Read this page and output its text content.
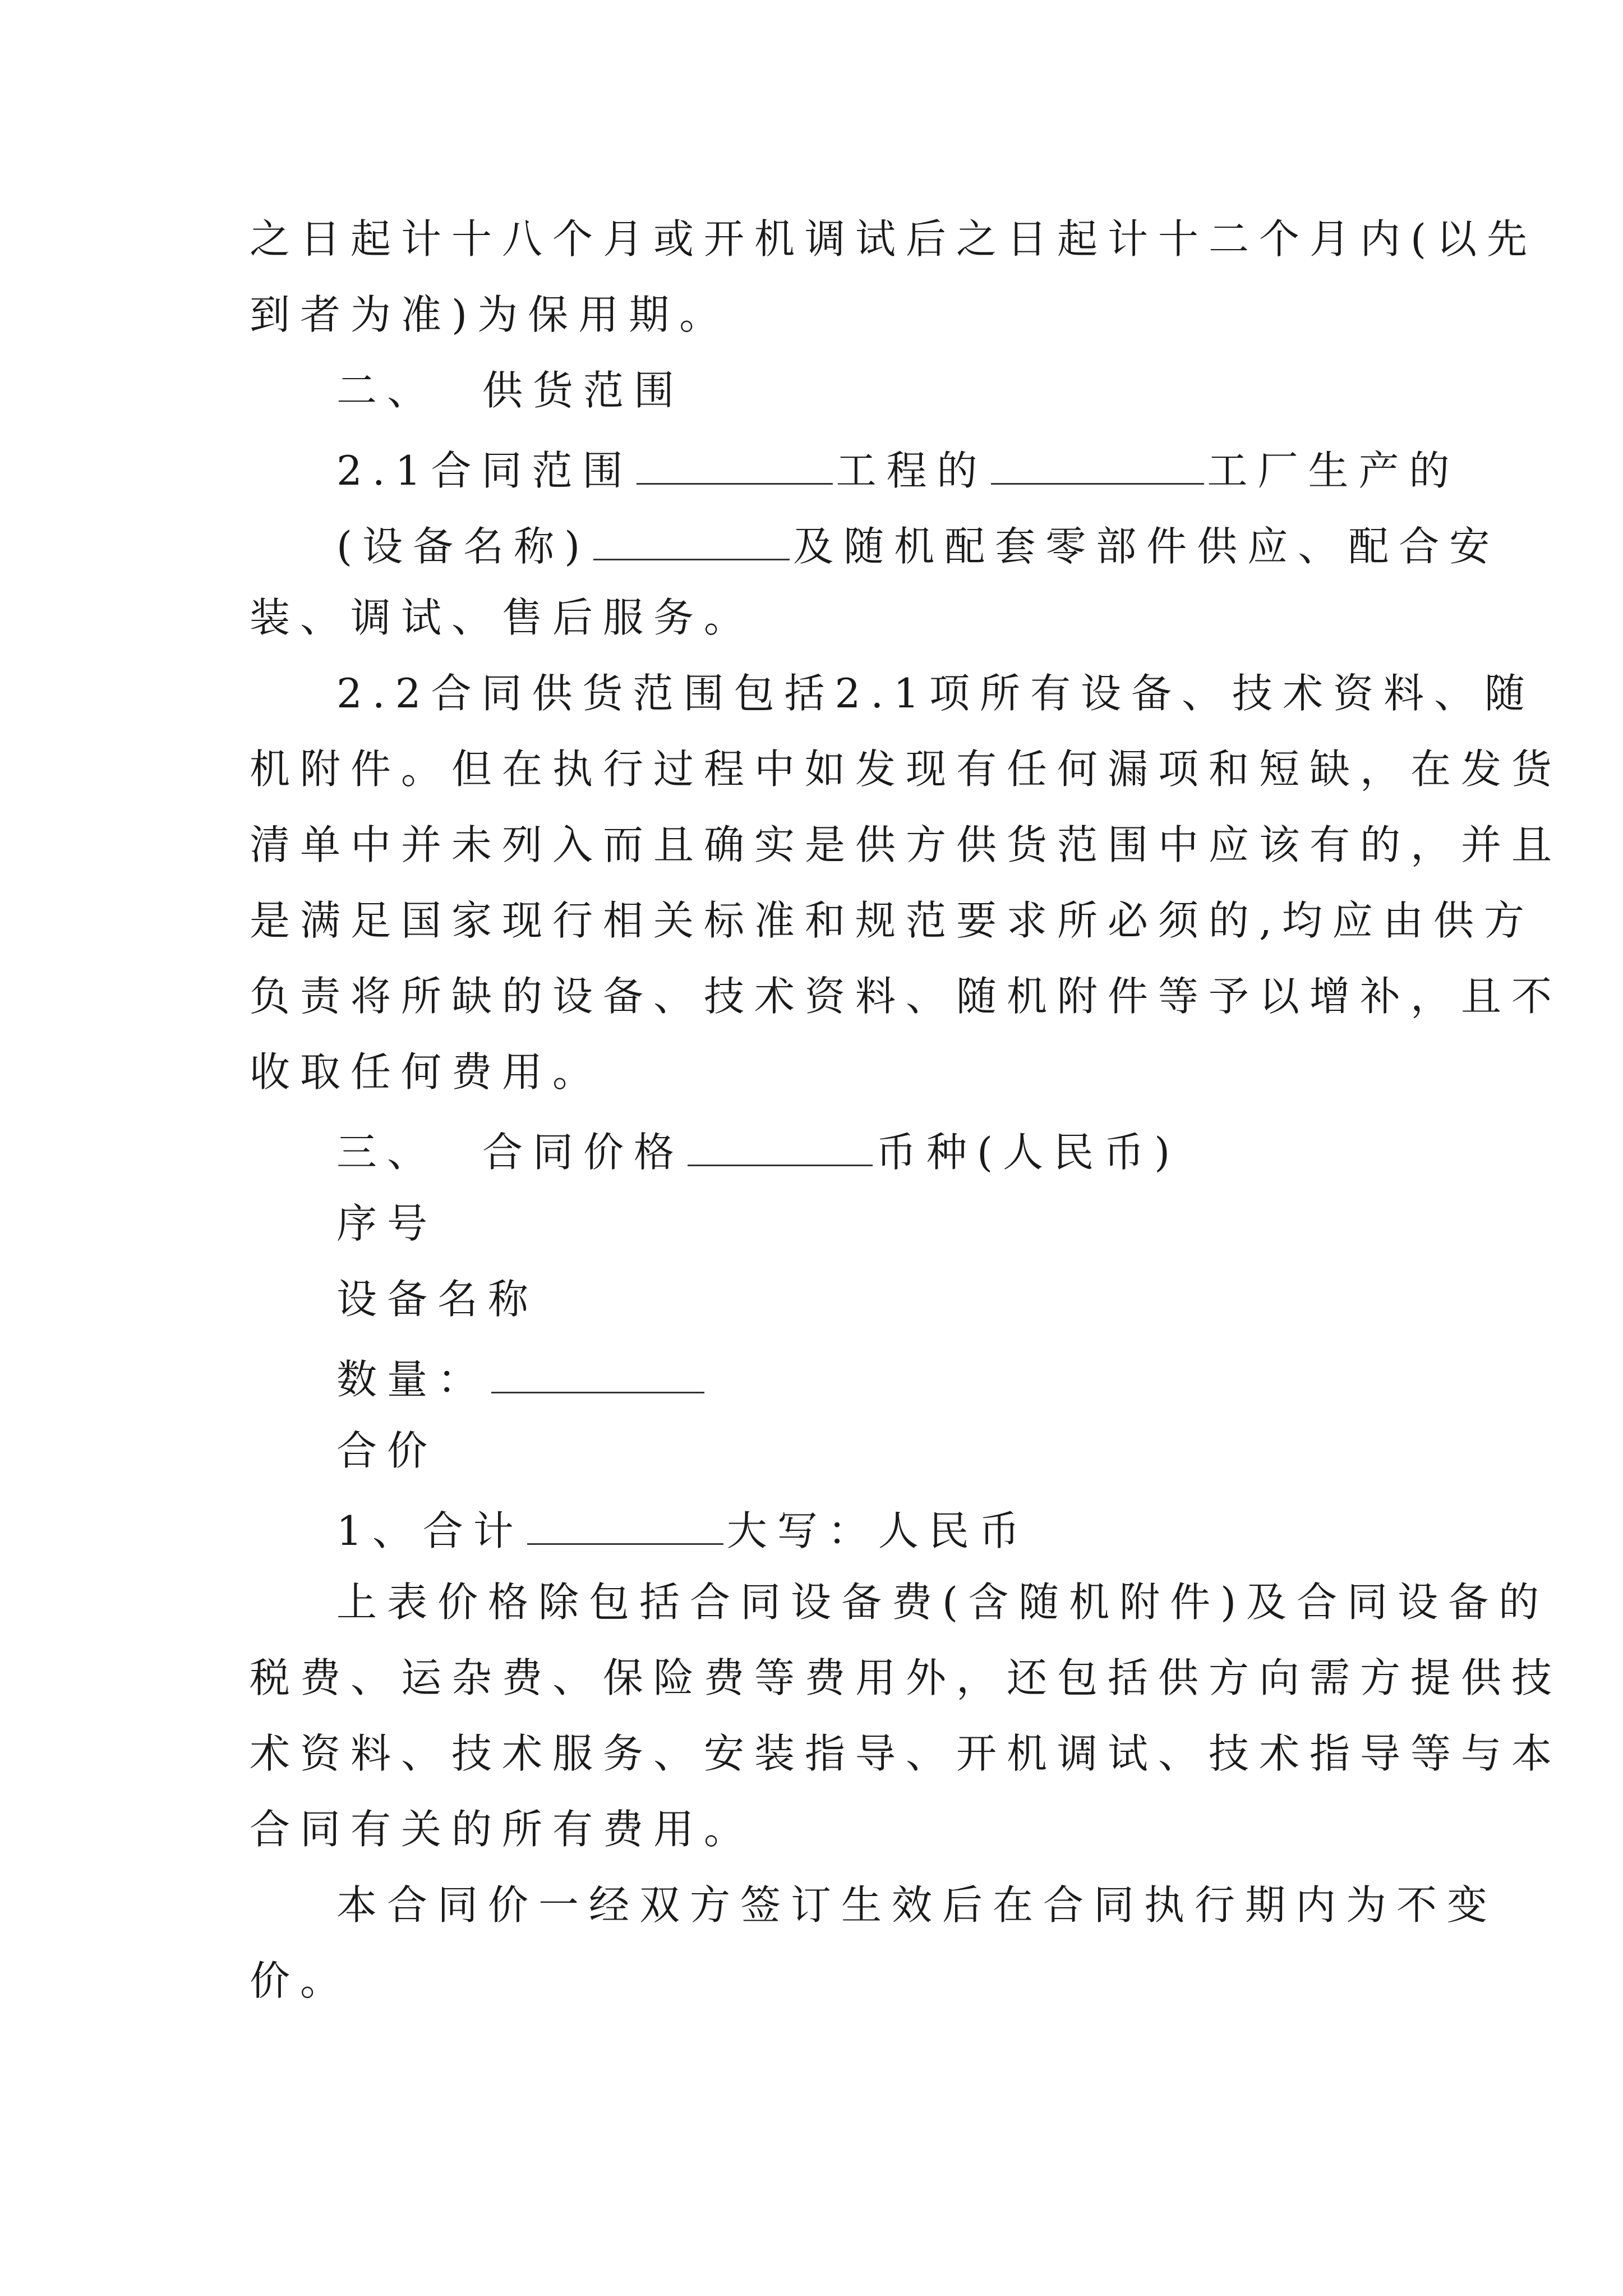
之日起计十八个月或开机调试后之日起计十二个月内(以先
到者为准)为保用期。
二、 供货范围
2.1合同范围	工程的	工厂生产的
(设备名称)	及随机配套零部件供应、配合安
装、调试、售后服务。
2.2合同供货范围包括2.1项所有设备、技术资料、随
机附件。但在执行过程中如发现有任何漏项和短缺，在发货
清单中并未列入而且确实是供方供货范围中应该有的，并且
是满足国家现行相关标准和规范要求所必须的,均应由供方
负责将所缺的设备、技术资料、随机附件等予以增补，且不
收取任何费用。
三、 合同价格	币种(人民币)
序号
设备名称
数量：
合价
1、合计	大写：人民币
上表价格除包括合同设备费(含随机附件)及合同设备的
税费、运杂费、保险费等费用外，还包括供方向需方提供技
术资料、技术服务、安装指导、开机调试、技术指导等与本
合同有关的所有费用。
本合同价一经双方签订生效后在合同执行期内为不变
价。
